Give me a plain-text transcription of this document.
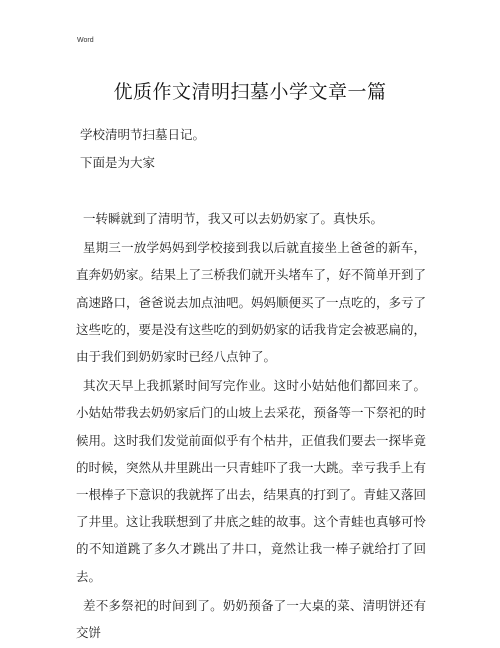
Word
优质作文清明扫墓小学文章一篇
学校清明节扫墓日记。
下面是为大家

一转瞬就到了清明节，我又可以去奶奶家了。真快乐。

星期三一放学妈妈到学校接到我以后就直接坐上爸爸的新车，直奔奶奶家。结果上了三桥我们就开头堵车了，好不简单开到了高速路口，爸爸说去加点油吧。妈妈顺便买了一点吃的，多亏了这些吃的，要是没有这些吃的到奶奶家的话我肯定会被恶扁的，由于我们到奶奶家时已经八点钟了。

其次天早上我抓紧时间写完作业。这时小姑姑他们都回来了。小姑姑带我去奶奶家后门的山坡上去采花，预备等一下祭祀的时候用。这时我们发觉前面似乎有个枯井，正值我们要去一探毕竟的时候，突然从井里跳出一只青蛙吓了我一大跳。幸亏我手上有一根棒子下意识的我就挥了出去，结果真的打到了。青蛙又落回了井里。这让我联想到了井底之蛙的故事。这个青蛙也真够可怜的不知道跳了多久才跳出了井口，竟然让我一棒子就给打了回去。

差不多祭祀的时间到了。奶奶预备了一大桌的菜、清明饼还有交饼
